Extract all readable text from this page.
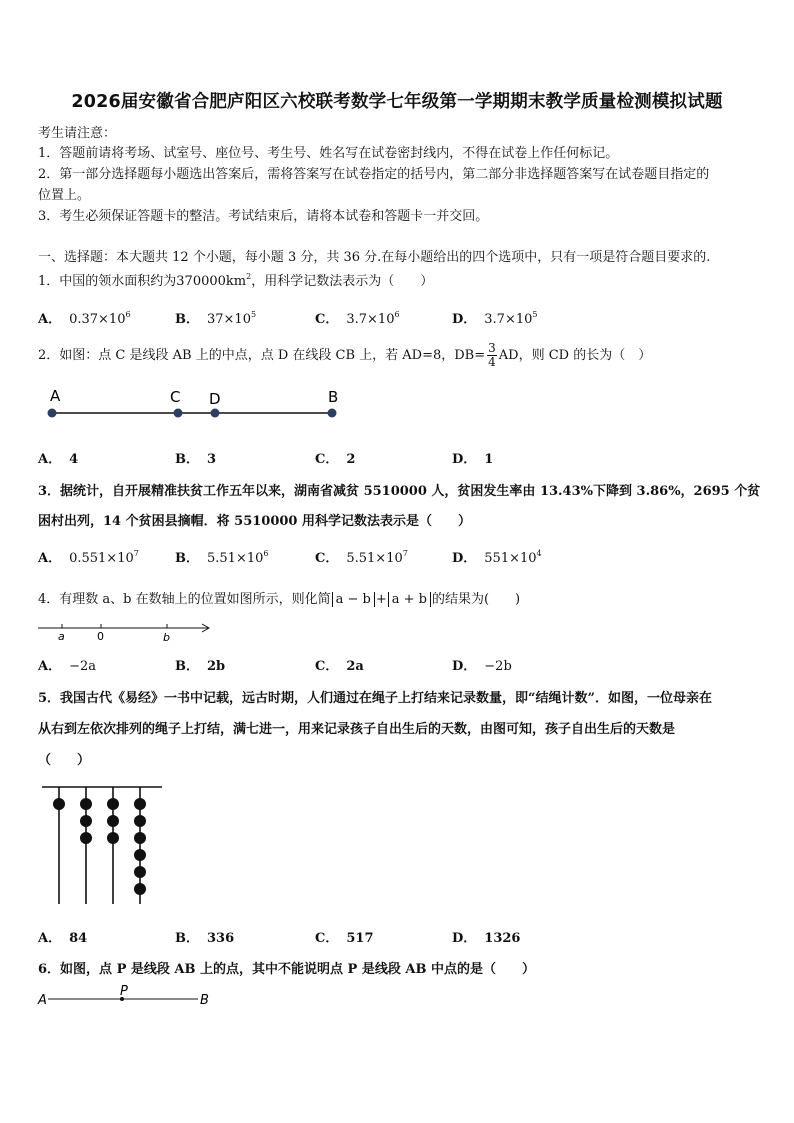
2026届安徽省合肥庐阳区六校联考数学七年级第一学期期末教学质量检测模拟试题
考生请注意：
1．答题前请将考场、试室号、座位号、考生号、姓名写在试卷密封线内，不得在试卷上作任何标记。
2．第一部分选择题每小题选出答案后，需将答案写在试卷指定的括号内，第二部分非选择题答案写在试卷题目指定的
位置上。
3．考生必须保证答题卡的整洁。考试结束后，请将本试卷和答题卡一并交回。
一、选择题：本大题共 12 个小题，每小题 3 分，共 36 分.在每小题给出的四个选项中，只有一项是符合题目要求的.
1．中国的领水面积约为$370000km^2$，用科学记数法表示为（　　）
A． $0.37\times 10^6$	B． $37\times 10^5$	C． $3.7\times 10^6$	D． $3.7\times 10^5$
2．如图：点 C 是线段 AB 上的中点，点 D 在线段 CB 上，若 AD=8，$DB= \frac{3}{4}$ AD，则 CD 的长为（　）
A	C D	B
A． 4	B． 3	C． 2	D． 1
3．据统计，自开展精准扶贫工作五年以来，湖南省减贫 5510000 人，贫困发生率由 13.43%下降到 3.86%，2695 个贫
困村出列，14 个贫困县摘帽．将 5510000 用科学记数法表示是（　　）
A． $0.551\times 10^7$	B． $5.51\times 10^6$	C． $5.51\times 10^7$	D． $551\times 10^4$
4．有理数 a、b 在数轴上的位置如图所示，则化简 a − b + a + b 的结果为(　　)
a	0	b
A． −2a	B． 2b	C． 2a	D． −2b
5．我国古代《易经》一书中记载，远古时期，人们通过在绳子上打结来记录数量，即“结绳计数”．如图，一位母亲在
从右到左依次排列的绳子上打结，满七进一，用来记录孩子自出生后的天数，由图可知，孩子自出生后的天数是
（　　）
A． 84	B． 336	C． 517	D． 1326
6．如图，点 P 是线段 AB 上的点，其中不能说明点 P 是线段 AB 中点的是（　　）
A
P
B
